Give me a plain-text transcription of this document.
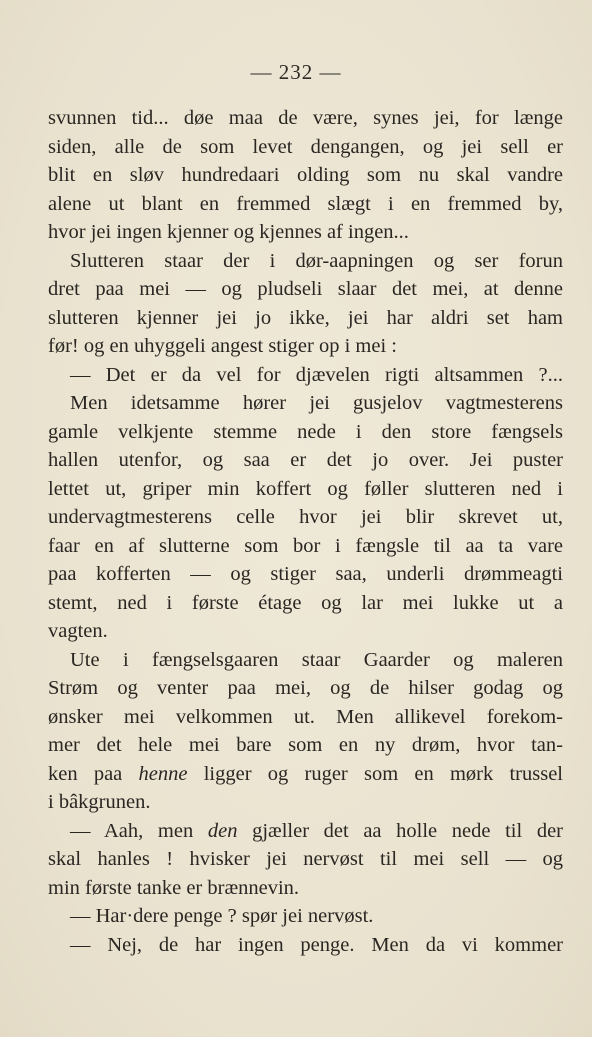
— 232 —
svunnen tid... døe maa de være, synes jei, for længe
siden, alle de som levet dengangen, og jei sell er
blit en sløv hundredaari olding som nu skal vandre
alene ut blant en fremmed slægt i en fremmed by,
hvor jei ingen kjenner og kjennes af ingen...
Slutteren staar der i dør-aapningen og ser forun
dret paa mei — og pludseli slaar det mei, at denne
slutteren kjenner jei jo ikke, jei har aldri set ham
før! og en uhyggeli angest stiger op i mei :
— Det er da vel for djævelen rigti altsammen ?...
Men idetsamme hører jei gusjelov vagtmesterens
gamle velkjente stemme nede i den store fængsels
hallen utenfor, og saa er det jo over. Jei puster
lettet ut, griper min koffert og føller slutteren ned i
undervagtmesterens celle hvor jei blir skrevet ut,
faar en af slutterne som bor i fængsle til aa ta vare
paa kofferten — og stiger saa, underli drømmeagti
stemt, ned i første étage og lar mei lukke ut a
vagten.
Ute i fængselsgaaren staar Gaarder og maleren
Strøm og venter paa mei, og de hilser godag og
ønsker mei velkommen ut. Men allikevel forekom-
mer det hele mei bare som en ny drøm, hvor tan-
ken paa henne ligger og ruger som en mørk trussel
i bâkgrunen.
— Aah, men den gjæller det aa holle nede til der
skal hanles ! hvisker jei nervøst til mei sell — og
min første tanke er brænnevin.
— Har·dere penge ? spør jei nervøst.
— Nej, de har ingen penge. Men da vi kommer
